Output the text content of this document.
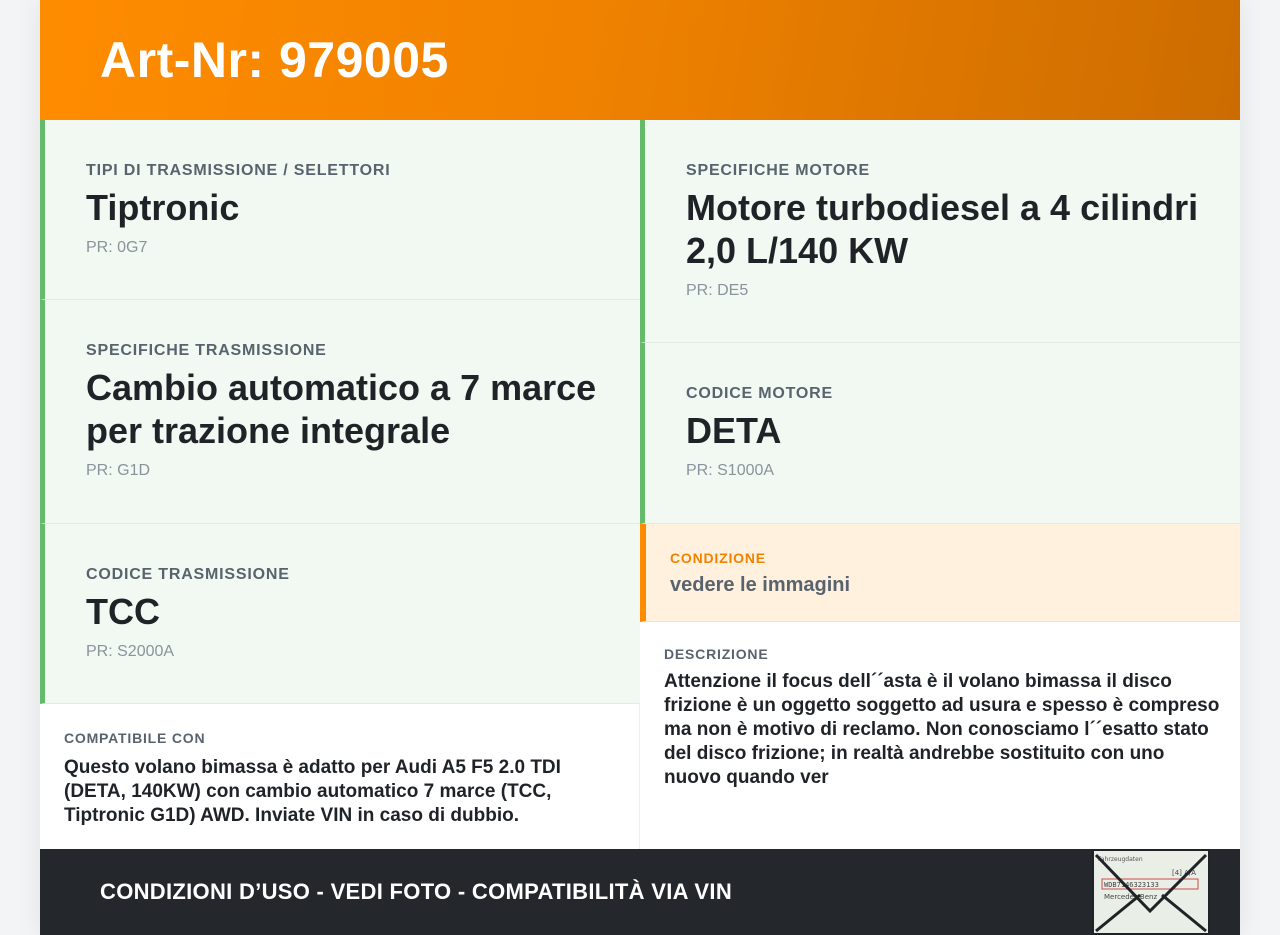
Art-Nr: 979005
TIPI DI TRASMISSIONE / SELETTORI
Tiptronic
PR: 0G7
SPECIFICHE TRASMISSIONE
Cambio automatico a 7 marce per trazione integrale
PR: G1D
CODICE TRASMISSIONE
TCC
PR: S2000A
COMPATIBILE CON
Questo volano bimassa è adatto per Audi A5 F5 2.0 TDI (DETA, 140KW) con cambio automatico 7 marce (TCC, Tiptronic G1D) AWD. Inviate VIN in caso di dubbio.
SPECIFICHE MOTORE
Motore turbodiesel a 4 cilindri 2,0 L/140 KW
PR: DE5
CODICE MOTORE
DETA
PR: S1000A
CONDIZIONE
vedere le immagini
DESCRIZIONE
Attenzione il focus dell´´asta è il volano bimassa il disco frizione è un oggetto soggetto ad usura e spesso è compreso ma non è motivo di reclamo. Non conosciamo l´´esatto stato del disco frizione; in realtà andrebbe sostituito con uno nuovo quando ver
CONDIZIONI D’USO - VEDI FOTO - COMPATIBILITÀ VIA VIN
Fahrzeugdaten
[4] A/A
WDB7146323133
Mercedes-Benz
